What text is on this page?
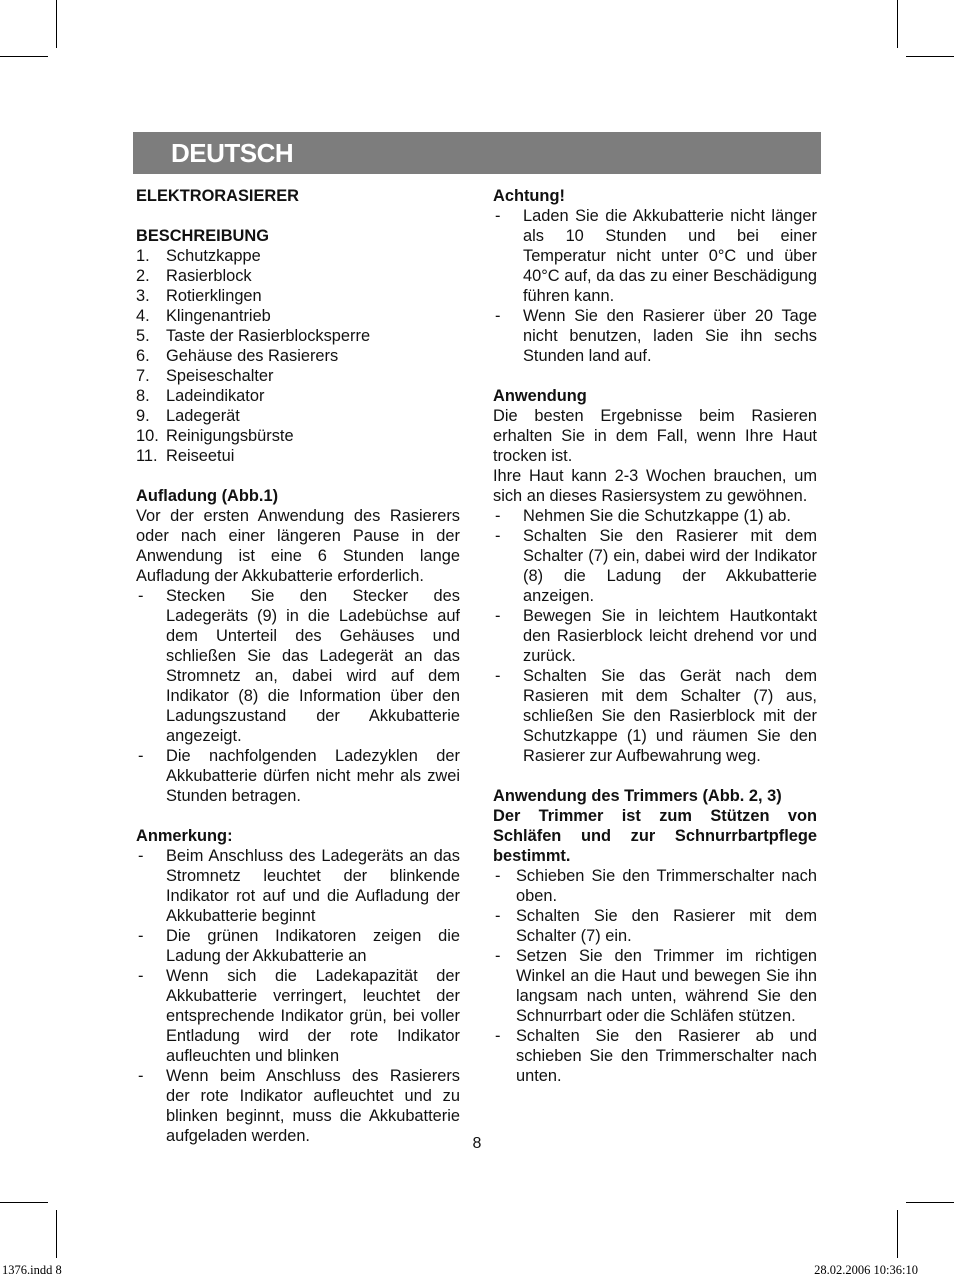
DEUTSCH
ELEKTRORASIERER
BESCHREIBUNG
1. Schutzkappe
2. Rasierblock
3. Rotierklingen
4. Klingenantrieb
5. Taste der Rasierblocksperre
6. Gehäuse des Rasierers
7. Speiseschalter
8. Ladeindikator
9. Ladegerät
10. Reinigungsbürste
11. Reiseetui
Aufladung (Abb.1)

Vor der ersten Anwendung des Rasierers oder nach einer längeren Pause in der Anwendung ist eine 6 Stunden lange Aufladung der Akkubatterie erforderlich.

- Stecken Sie den Stecker des Ladegeräts (9) in die Ladebüchse auf dem Unterteil des Gehäuses und schließen Sie das Ladegerät an das Stromnetz an, dabei wird auf dem Indikator (8) die Information über den Ladungszustand der Akkubatterie angezeigt.
- Die nachfolgenden Ladezyklen der Akkubatterie dürfen nicht mehr als zwei Stunden betragen.
Anmerkung:
- Beim Anschluss des Ladegeräts an das Stromnetz leuchtet der blinkende Indikator rot auf und die Aufladung der Akkubatterie beginnt
- Die grünen Indikatoren zeigen die Ladung der Akkubatterie an
- Wenn sich die Ladekapazität der Akkubatterie verringert, leuchtet der entsprechende Indikator grün, bei voller Entladung wird der rote Indikator aufleuchten und blinken
- Wenn beim Anschluss des Rasierers der rote Indikator aufleuchtet und zu blinken beginnt, muss die Akkubatterie aufgeladen werden.
Achtung!
- Laden Sie die Akkubatterie nicht länger als 10 Stunden und bei einer Temperatur nicht unter 0°C und über 40°C auf, da das zu einer Beschädigung führen kann.
- Wenn Sie den Rasierer über 20 Tage nicht benutzen, laden Sie ihn sechs Stunden land auf.
Anwendung

Die besten Ergebnisse beim Rasieren erhalten Sie in dem Fall, wenn Ihre Haut trocken ist.

Ihre Haut kann 2-3 Wochen brauchen, um sich an dieses Rasiersystem zu gewöhnen.

- Nehmen Sie die Schutzkappe (1) ab.
- Schalten Sie den Rasierer mit dem Schalter (7) ein, dabei wird der Indikator (8) die Ladung der Akkubatterie anzeigen.
- Bewegen Sie in leichtem Hautkontakt den Rasierblock leicht drehend vor und zurück.
- Schalten Sie das Gerät nach dem Rasieren mit dem Schalter (7) aus, schließen Sie den Rasierblock mit der Schutzkappe (1) und räumen Sie den Rasierer zur Aufbewahrung weg.
Anwendung des Trimmers (Abb. 2, 3)

Der Trimmer ist zum Stützen von Schläfen und zur Schnurrbartpflege bestimmt.

- Schieben Sie den Trimmerschalter nach oben.
- Schalten Sie den Rasierer mit dem Schalter (7) ein.
- Setzen Sie den Trimmer im richtigen Winkel an die Haut und bewegen Sie ihn langsam nach unten, während Sie den Schnurrbart oder die Schläfen stützen.
- Schalten Sie den Rasierer ab und schieben Sie den Trimmerschalter nach unten.
8
1376.indd 8	28.02.2006 10:36:10
